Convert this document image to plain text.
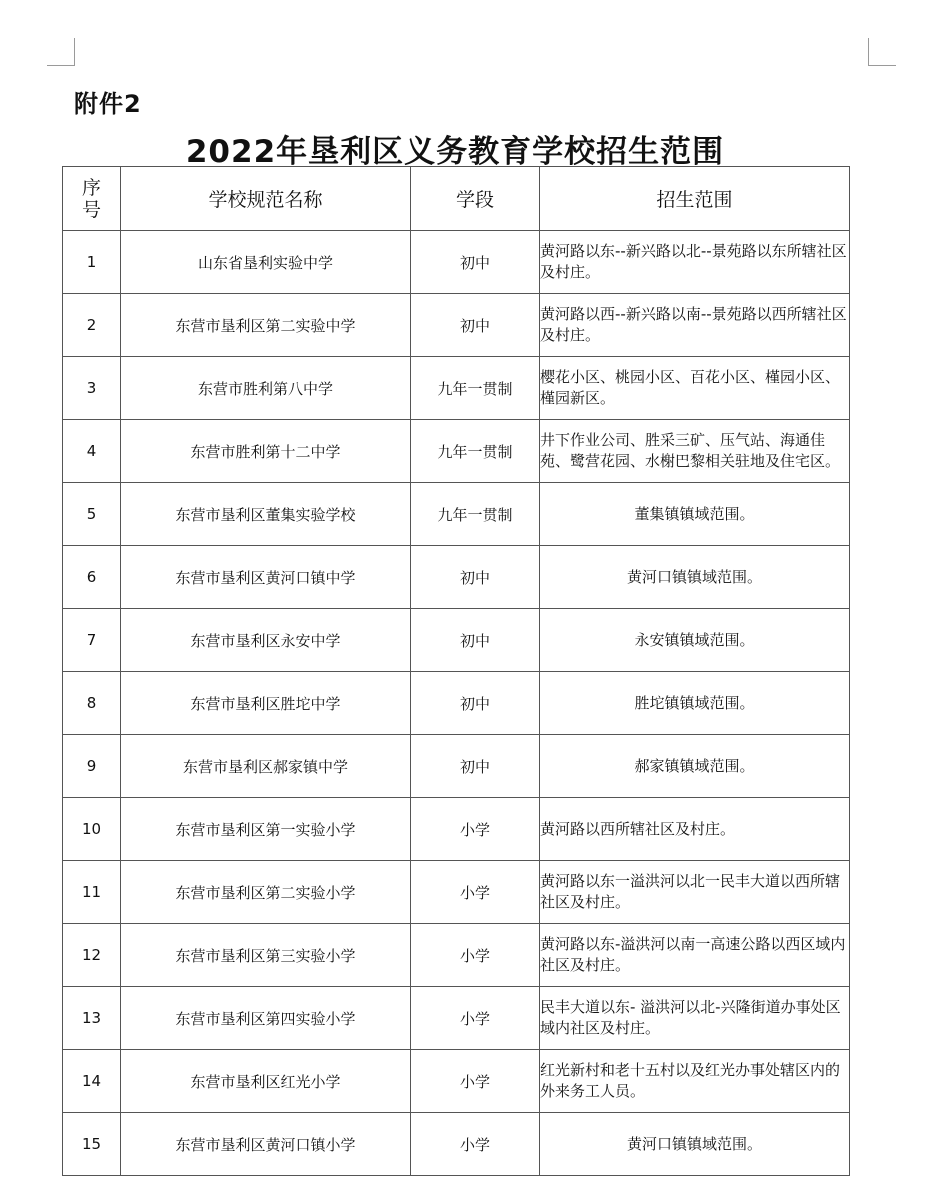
附件2
2022年垦利区义务教育学校招生范围
序号	学校规范名称	学段	招生范围
1	山东省垦利实验中学	初中	黄河路以东--新兴路以北--景苑路以东所辖社区及村庄。
2	东营市垦利区第二实验中学	初中	黄河路以西--新兴路以南--景苑路以西所辖社区及村庄。
3	东营市胜利第八中学	九年一贯制	樱花小区、桃园小区、百花小区、槿园小区、槿园新区。
4	东营市胜利第十二中学	九年一贯制	井下作业公司、胜采三矿、压气站、海通佳苑、鹭营花园、水榭巴黎相关驻地及住宅区。
5	东营市垦利区董集实验学校	九年一贯制	董集镇镇域范围。
6	东营市垦利区黄河口镇中学	初中	黄河口镇镇域范围。
7	东营市垦利区永安中学	初中	永安镇镇域范围。
8	东营市垦利区胜坨中学	初中	胜坨镇镇域范围。
9	东营市垦利区郝家镇中学	初中	郝家镇镇域范围。
10	东营市垦利区第一实验小学	小学	黄河路以西所辖社区及村庄。
11	东营市垦利区第二实验小学	小学	黄河路以东一溢洪河以北一民丰大道以西所辖社区及村庄。
12	东营市垦利区第三实验小学	小学	黄河路以东-溢洪河以南一高速公路以西区域内社区及村庄。
13	东营市垦利区第四实验小学	小学	民丰大道以东- 溢洪河以北-兴隆街道办事处区域内社区及村庄。
14	东营市垦利区红光小学	小学	红光新村和老十五村以及红光办事处辖区内的外来务工人员。
15	东营市垦利区黄河口镇小学	小学	黄河口镇镇域范围。
